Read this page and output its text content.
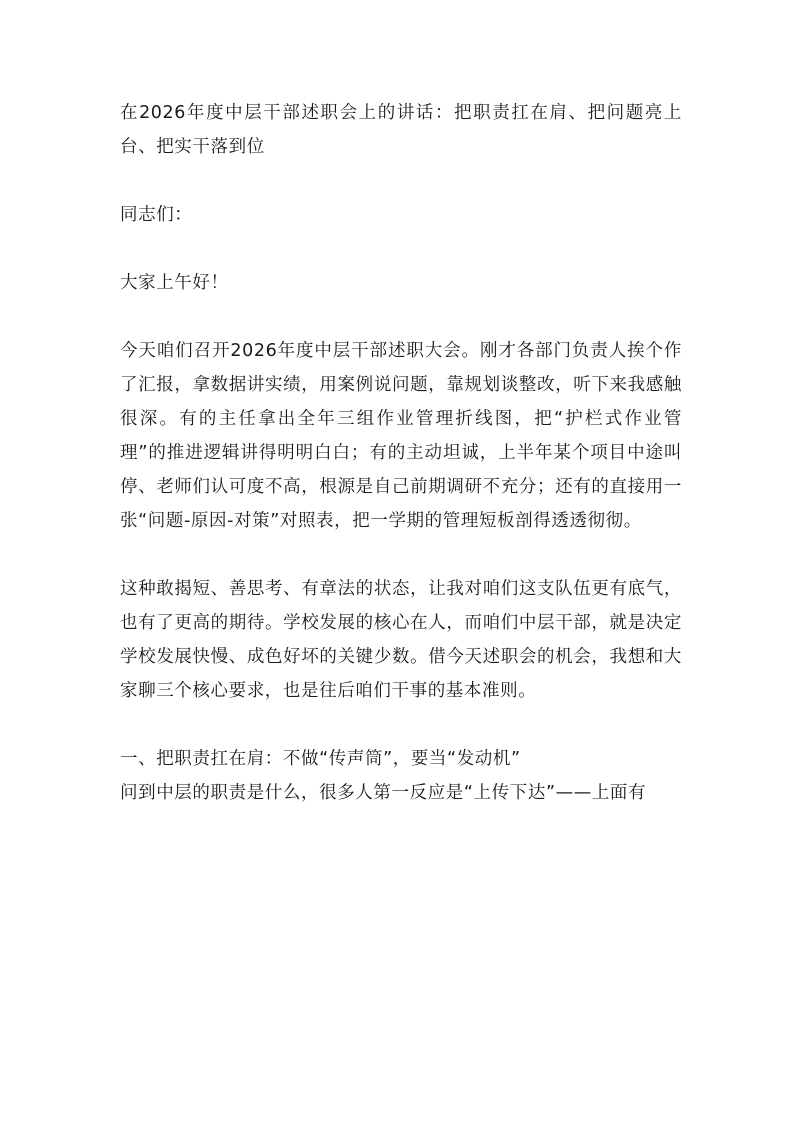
在2026年度中层干部述职会上的讲话：把职责扛在肩、把问题亮上台、把实干落到位

同志们：

大家上午好！

今天咱们召开2026年度中层干部述职大会。刚才各部门负责人挨个作了汇报，拿数据讲实绩，用案例说问题，靠规划谈整改，听下来我感触很深。有的主任拿出全年三组作业管理折线图，把“护栏式作业管理”的推进逻辑讲得明明白白；有的主动坦诚，上半年某个项目中途叫停、老师们认可度不高，根源是自己前期调研不充分；还有的直接用一张“问题-原因-对策”对照表，把一学期的管理短板剖得透透彻彻。

这种敢揭短、善思考、有章法的状态，让我对咱们这支队伍更有底气，也有了更高的期待。学校发展的核心在人，而咱们中层干部，就是决定学校发展快慢、成色好坏的关键少数。借今天述职会的机会，我想和大家聊三个核心要求，也是往后咱们干事的基本准则。

一、把职责扛在肩：不做“传声筒”，要当“发动机”

问到中层的职责是什么，很多人第一反应是“上传下达”——上面有
